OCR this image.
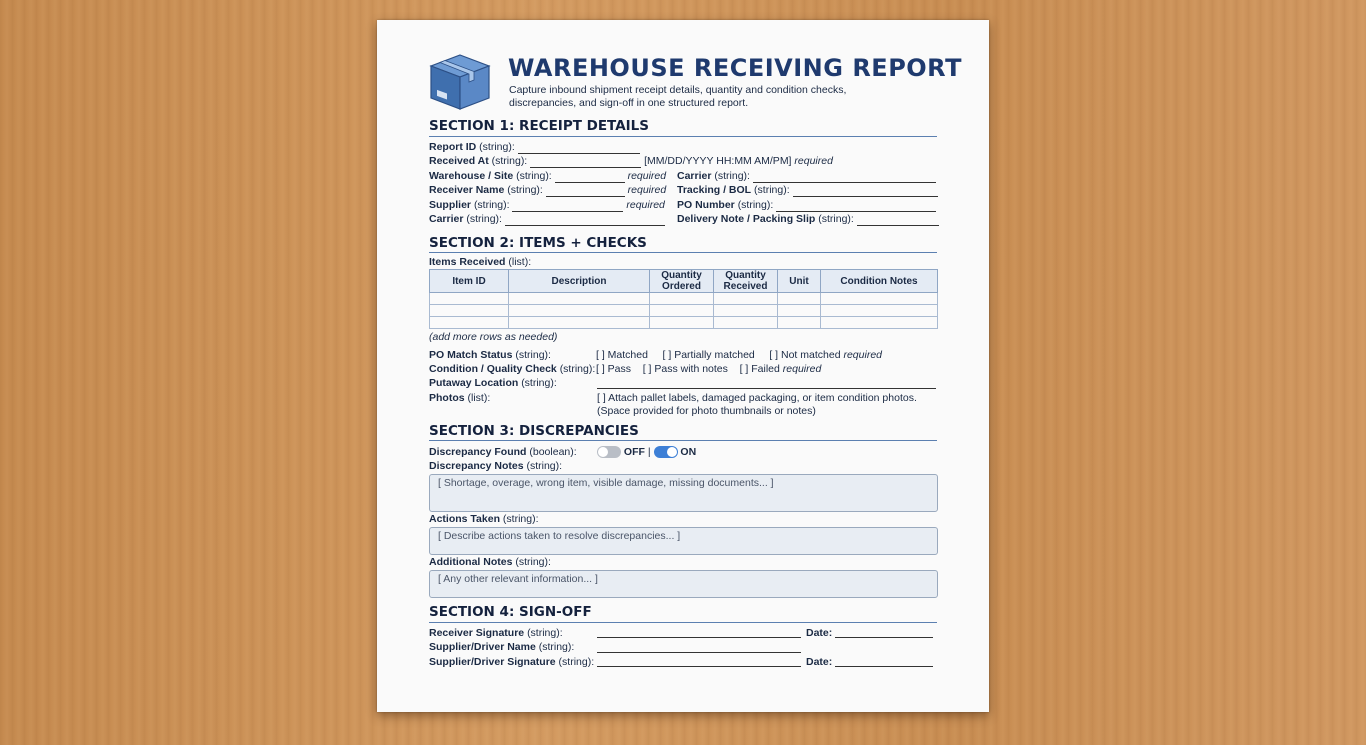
WAREHOUSE RECEIVING REPORT
Capture inbound shipment receipt details, quantity and condition checks, discrepancies, and sign-off in one structured report.
SECTION 1: RECEIPT DETAILS
Report ID (string):
Received At (string):	[MM/DD/YYYY HH:MM AM/PM] required
Warehouse / Site (string):	required
Receiver Name (string):	required
Supplier (string):	required
Carrier (string):
Carrier (string):
Tracking / BOL (string):
PO Number (string):
Delivery Note / Packing Slip (string):
SECTION 2: ITEMS + CHECKS
Items Received (list):
Item ID	Description	Quantity Ordered	Quantity Received	Unit	Condition Notes

(add more rows as needed)
PO Match Status (string):	[ ] Matched [ ] Partially matched [ ] Not matched required
Condition / Quality Check (string): [ ] Pass [ ] Pass with notes [ ] Failed required
Putaway Location (string):
Photos (list):	[ ] Attach pallet labels, damaged packaging, or item condition photos. (Space provided for photo thumbnails or notes)
SECTION 3: DISCREPANCIES
Discrepancy Found (boolean):	OFF |	ON
Discrepancy Notes (string):
[ Shortage, overage, wrong item, visible damage, missing documents... ]
Actions Taken (string):
[ Describe actions taken to resolve discrepancies... ]
Additional Notes (string):
[ Any other relevant information... ]
SECTION 4: SIGN-OFF
Receiver Signature (string):	Date:
Supplier/Driver Name (string):
Supplier/Driver Signature (string):	Date:
